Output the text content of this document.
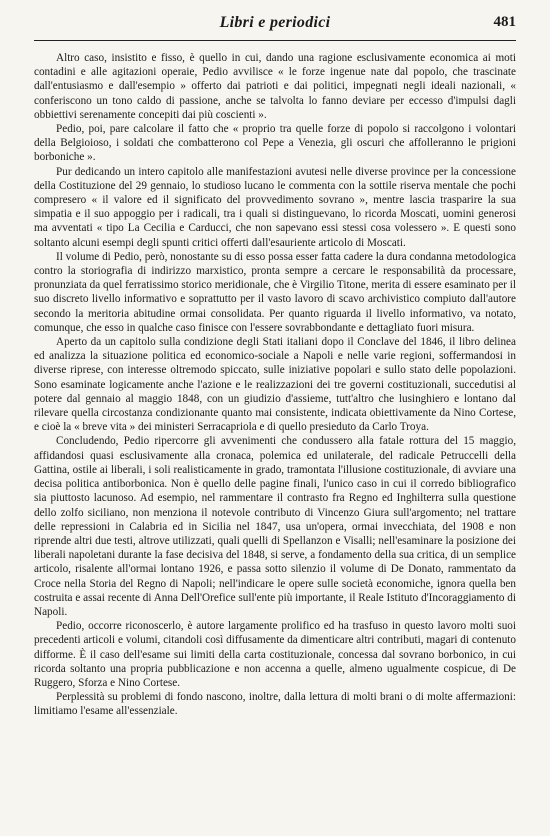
Libri e periodici	481

Altro caso, insistito e fisso, è quello in cui, dando una ragione esclusivamente economica ai moti contadini e alle agitazioni operaie, Pedio avvilisce « le forze ingenue nate dal popolo, che trascinate dall'entusiasmo e dall'esempio » offerto dai patrioti e dai politici, impegnati negli ideali nazionali, « conferiscono un tono caldo di passione, anche se talvolta lo fanno deviare per eccesso d'impulsi dagli obbiettivi serenamente concepiti dai più coscienti ».

Pedio, poi, pare calcolare il fatto che « proprio tra quelle forze di popolo si raccolgono i volontari della Belgioioso, i soldati che combatterono col Pepe a Venezia, gli oscuri che affolleranno le prigioni borboniche ».

Pur dedicando un intero capitolo alle manifestazioni avutesi nelle diverse province per la concessione della Costituzione del 29 gennaio, lo studioso lucano le commenta con la sottile riserva mentale che pochi compresero « il valore ed il significato del provvedimento sovrano », mentre lascia trasparire la sua simpatia e il suo appoggio per i radicali, tra i quali si distinguevano, lo ricorda Moscati, uomini generosi ma avventati « tipo La Cecilia e Carducci, che non sapevano essi stessi cosa volessero ». E questi sono soltanto alcuni esempi degli spunti critici offerti dall'esauriente articolo di Moscati.

Il volume di Pedio, però, nonostante su di esso possa esser fatta cadere la dura condanna metodologica contro la storiografia di indirizzo marxistico, pronta sempre a cercare le responsabilità da processare, pronunziata da quel ferratissimo storico meridionale, che è Virgilio Titone, merita di essere esaminato per il suo discreto livello informativo e soprattutto per il vasto lavoro di scavo archivistico compiuto dall'autore secondo la meritoria abitudine ormai consolidata. Per quanto riguarda il livello informativo, va notato, comunque, che esso in qualche caso finisce con l'essere sovrabbondante e dettagliato fuori misura.

Aperto da un capitolo sulla condizione degli Stati italiani dopo il Conclave del 1846, il libro delinea ed analizza la situazione politica ed economico-sociale a Napoli e nelle varie regioni, soffermandosi in diverse riprese, con interesse oltremodo spiccato, sulle iniziative popolari e sullo stato delle popolazioni. Sono esaminate logicamente anche l'azione e le realizzazioni dei tre governi costituzionali, succedutisi al potere dal gennaio al maggio 1848, con un giudizio d'assieme, tutt'altro che lusinghiero e lontano dal rilevare quella circostanza condizionante quanto mai consistente, indicata obiettivamente da Nino Cortese, e cioè la « breve vita » dei ministeri Serracapriola e di quello presieduto da Carlo Troya.

Concludendo, Pedio ripercorre gli avvenimenti che condussero alla fatale rottura del 15 maggio, affidandosi quasi esclusivamente alla cronaca, polemica ed unilaterale, del radicale Petruccelli della Gattina, ostile ai liberali, i soli realisticamente in grado, tramontata l'illusione costituzionale, di avviare una decisa politica antiborbonica. Non è quello delle pagine finali, l'unico caso in cui il corredo bibliografico sia piuttosto lacunoso. Ad esempio, nel rammentare il contrasto fra Regno ed Inghilterra sulla questione dello zolfo siciliano, non menziona il notevole contributo di Vincenzo Giura sull'argomento; nel trattare delle repressioni in Calabria ed in Sicilia nel 1847, usa un'opera, ormai invecchiata, del 1908 e non riprende altri due testi, altrove utilizzati, quali quelli di Spellanzon e Visalli; nell'esaminare la posizione dei liberali napoletani durante la fase decisiva del 1848, si serve, a fondamento della sua critica, di un semplice articolo, risalente all'ormai lontano 1926, e passa sotto silenzio il volume di De Donato, rammentato da Croce nella Storia del Regno di Napoli; nell'indicare le opere sulle società economiche, ignora quella ben costruita e assai recente di Anna Dell'Orefice sull'ente più importante, il Reale Istituto d'Incoraggiamento di Napoli.

Pedio, occorre riconoscerlo, è autore largamente prolifico ed ha trasfuso in questo lavoro molti suoi precedenti articoli e volumi, citandoli così diffusamente da dimenticare altri contributi, magari di contenuto difforme. È il caso dell'esame sui limiti della carta costituzionale, concessa dal sovrano borbonico, in cui ricorda soltanto una propria pubblicazione e non accenna a quelle, almeno ugualmente cospicue, di De Ruggero, Sforza e Nino Cortese.

Perplessità su problemi di fondo nascono, inoltre, dalla lettura di molti brani o di molte affermazioni: limitiamo l'esame all'essenziale.
